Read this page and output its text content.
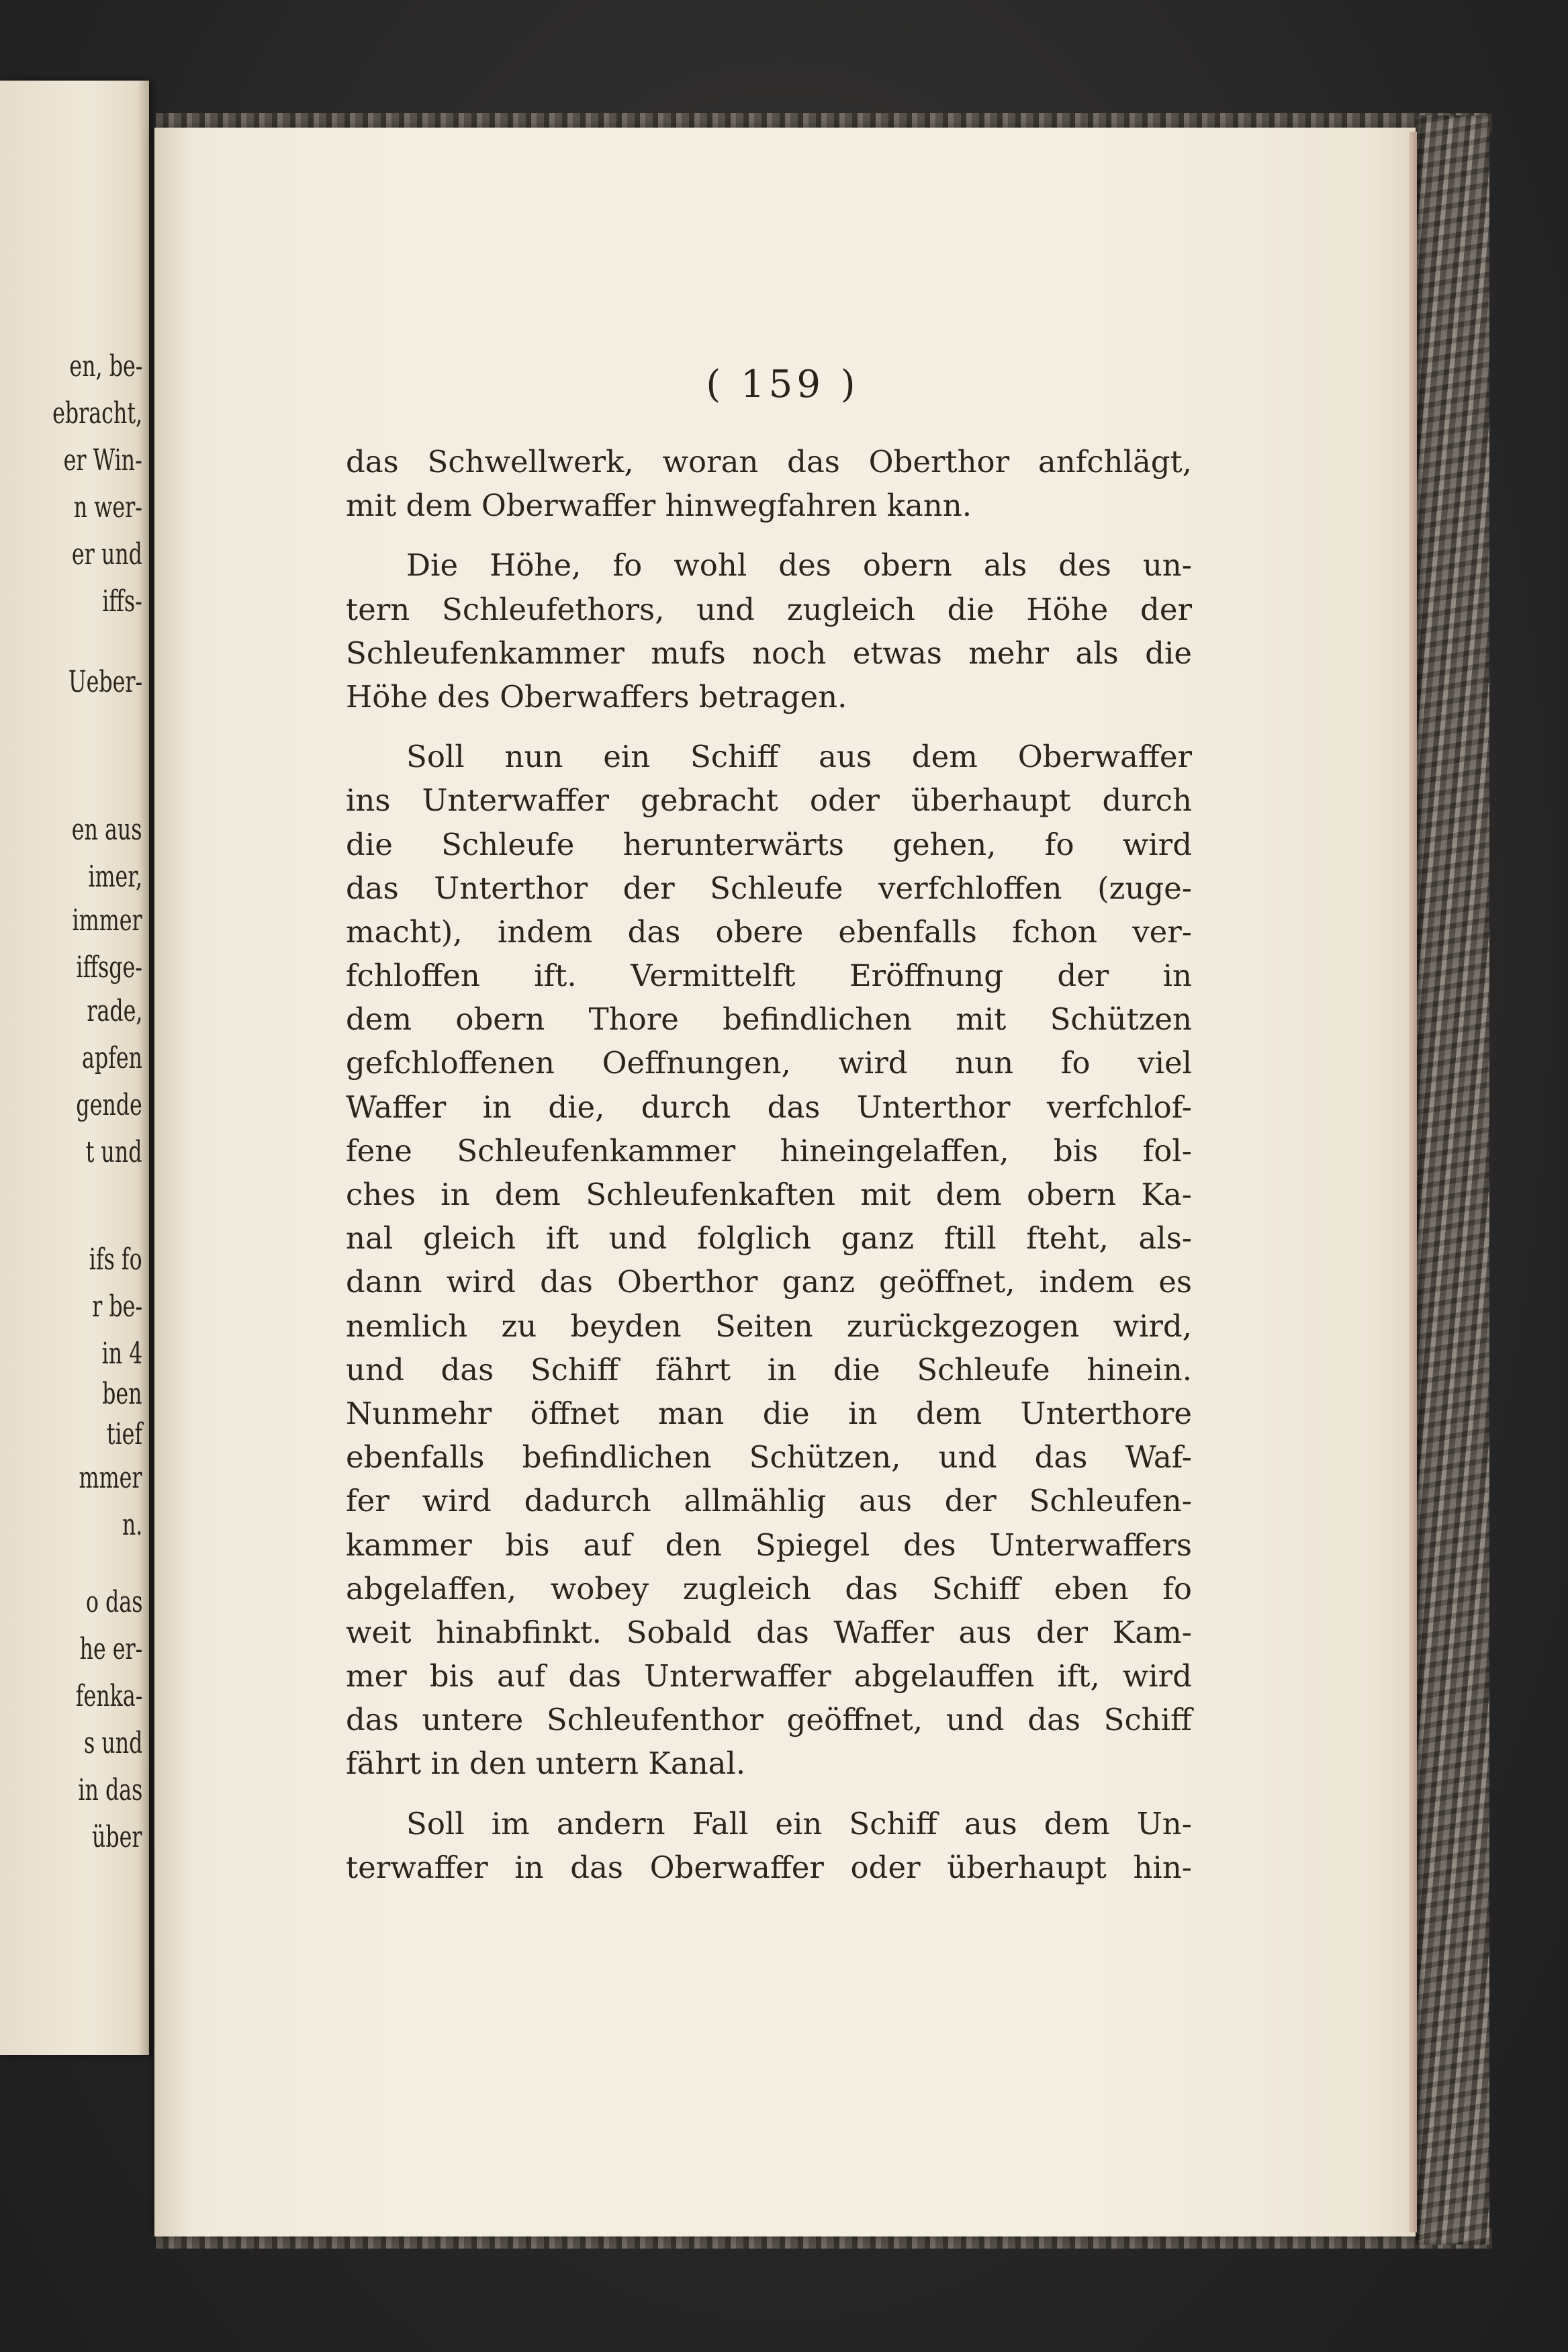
en, be-
ebracht,
er Win-
n wer-
er und
iffs-
Ueber-
en aus
imer,
immer
iffsge-
rade,
apfen
gende
t und
ifs fo
r be-
in 4
ben
tief
mmer
n.
o das
he er-
fenka-
s und
in das
über
( 159 )
das Schwellwerk, woran das Oberthor anfchlägt,
mit dem Oberwaffer hinwegfahren kann.
Die Höhe, fo wohl des obern als des un-
tern Schleufethors, und zugleich die Höhe der
Schleufenkammer mufs noch etwas mehr als die
Höhe des Oberwaffers betragen.
Soll nun ein Schiff aus dem Oberwaffer
ins Unterwaffer gebracht oder überhaupt durch
die Schleufe herunterwärts gehen, fo wird
das Unterthor der Schleufe verfchloffen (zuge-
macht), indem das obere ebenfalls fchon ver-
fchloffen ift. Vermittelft Eröffnung der in
dem obern Thore befindlichen mit Schützen
gefchloffenen Oeffnungen, wird nun fo viel
Waffer in die, durch das Unterthor verfchlof-
fene Schleufenkammer hineingelaffen, bis fol-
ches in dem Schleufenkaften mit dem obern Ka-
nal gleich ift und folglich ganz ftill fteht, als-
dann wird das Oberthor ganz geöffnet, indem es
nemlich zu beyden Seiten zurückgezogen wird,
und das Schiff fährt in die Schleufe hinein.
Nunmehr öffnet man die in dem Unterthore
ebenfalls befindlichen Schützen, und das Waf-
fer wird dadurch allmählig aus der Schleufen-
kammer bis auf den Spiegel des Unterwaffers
abgelaffen, wobey zugleich das Schiff eben fo
weit hinabfinkt. Sobald das Waffer aus der Kam-
mer bis auf das Unterwaffer abgelauffen ift, wird
das untere Schleufenthor geöffnet, und das Schiff
fährt in den untern Kanal.
Soll im andern Fall ein Schiff aus dem Un-
terwaffer in das Oberwaffer oder überhaupt hin-
